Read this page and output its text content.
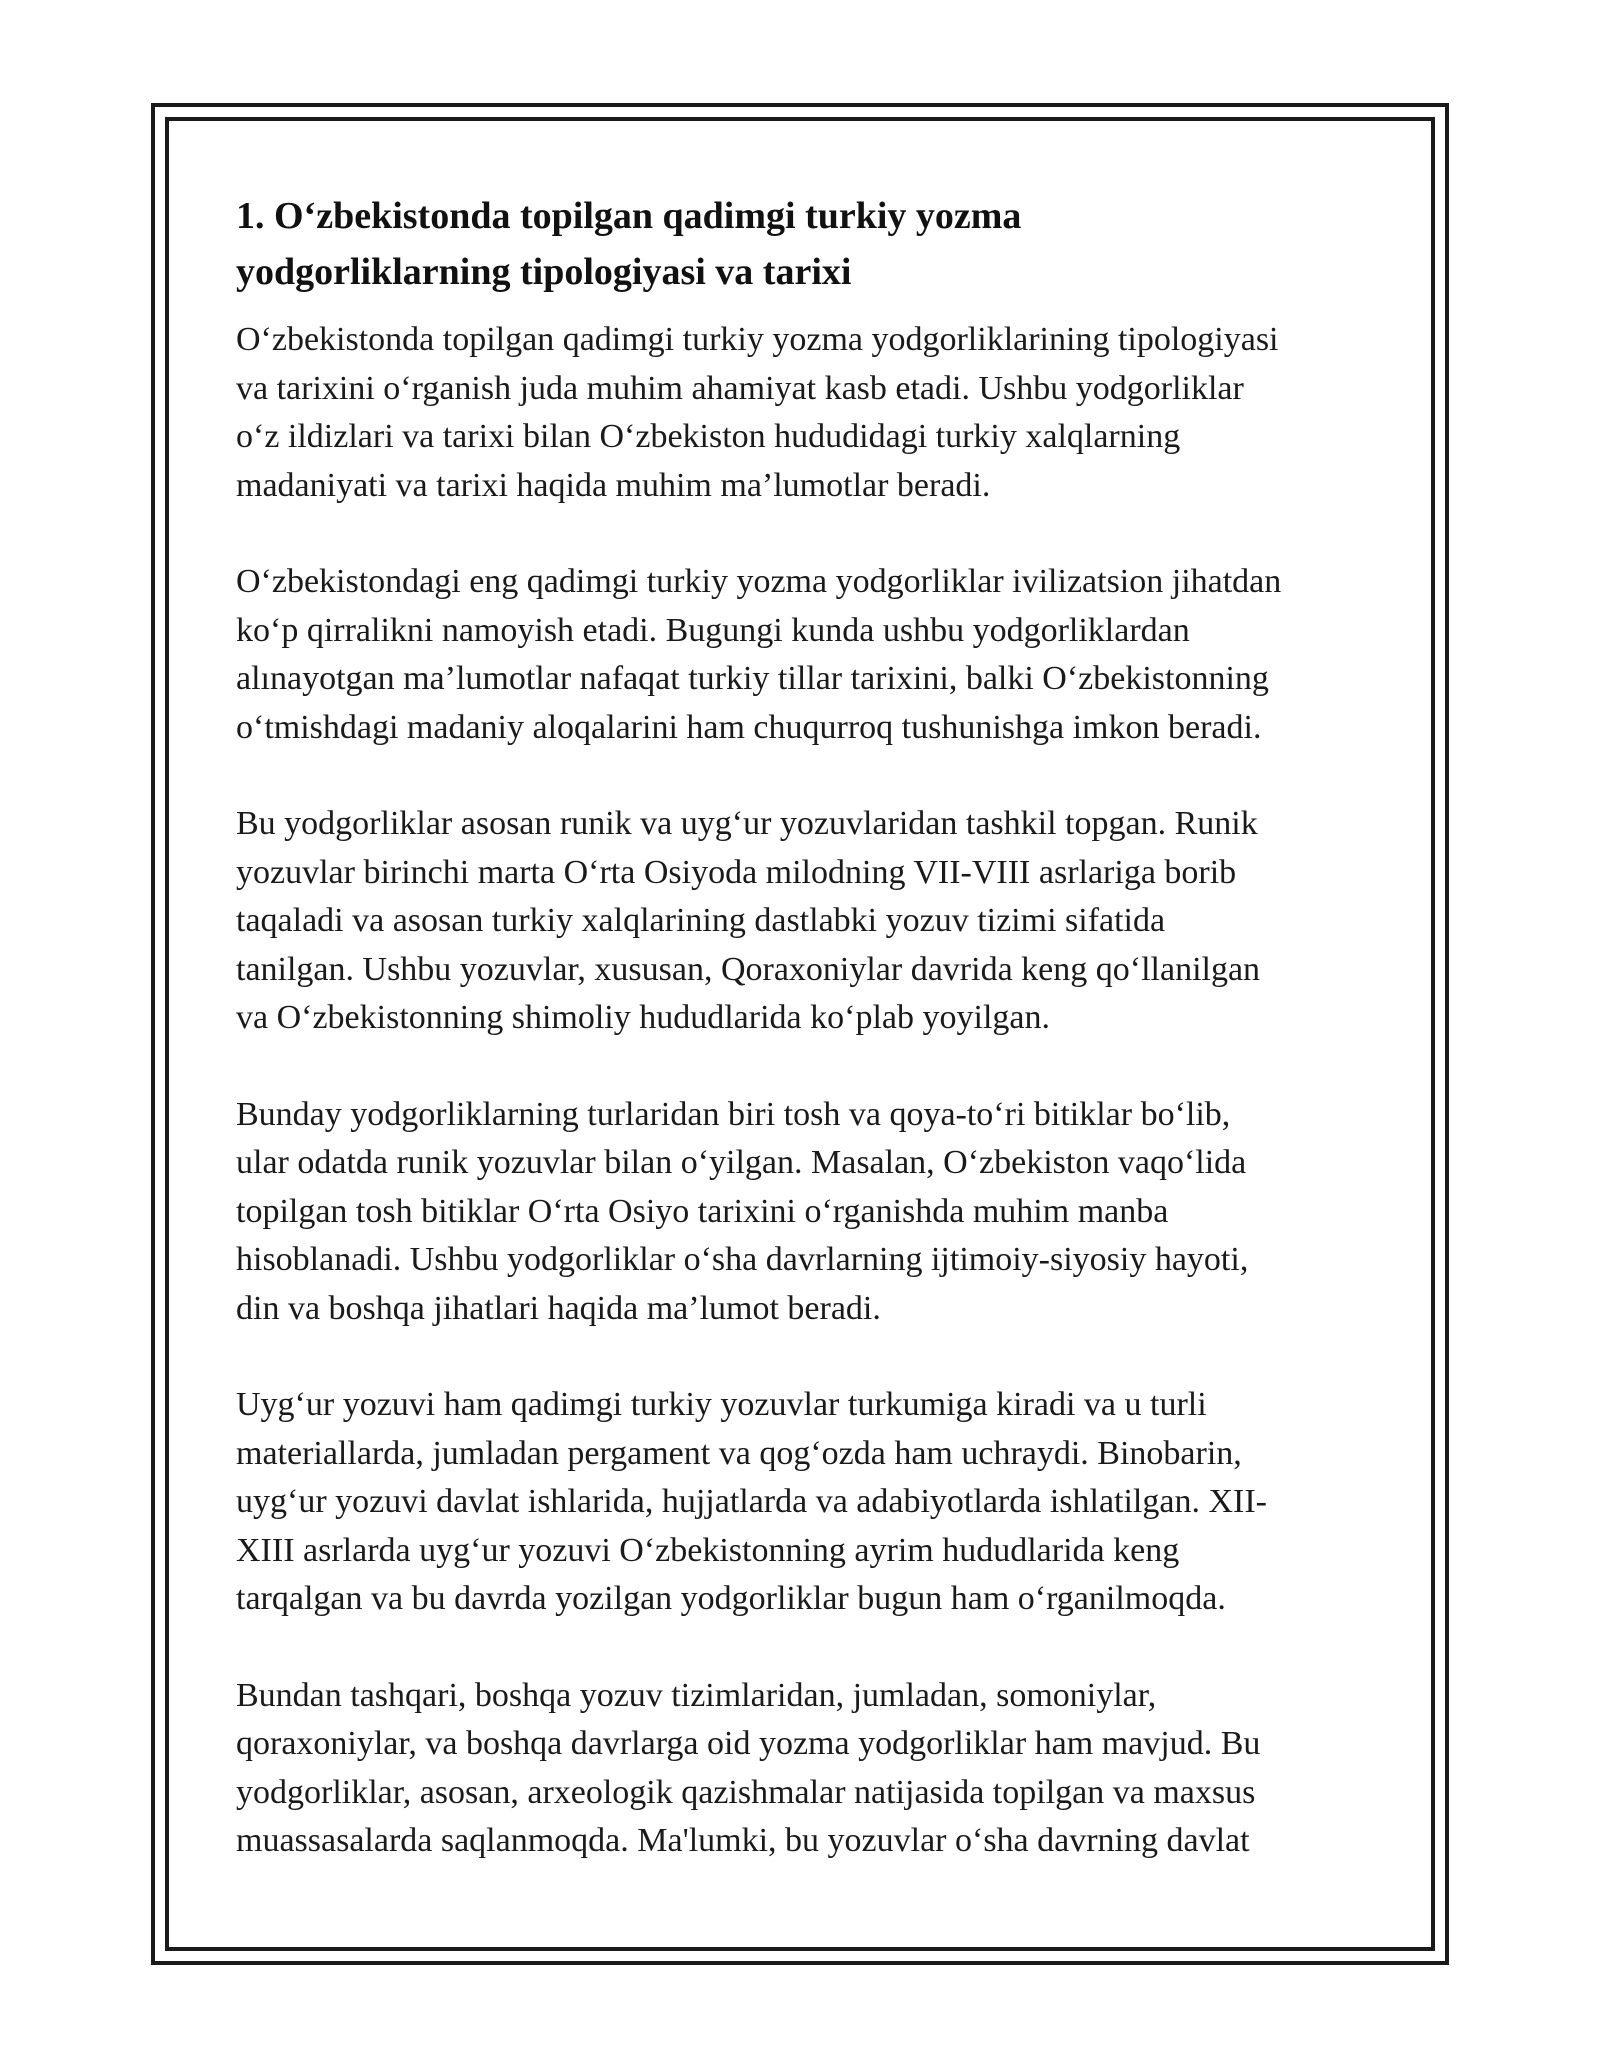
1. O‘zbekistonda topilgan qadimgi turkiy yozma
yodgorliklarning tipologiyasi va tarixi

O‘zbekistonda topilgan qadimgi turkiy yozma yodgorliklarining tipologiyasi
va tarixini o‘rganish juda muhim ahamiyat kasb etadi. Ushbu yodgorliklar
o‘z ildizlari va tarixi bilan O‘zbekiston hududidagi turkiy xalqlarning
madaniyati va tarixi haqida muhim ma’lumotlar beradi.

O‘zbekistondagi eng qadimgi turkiy yozma yodgorliklar ivilizatsion jihatdan
ko‘p qirralikni namoyish etadi. Bugungi kunda ushbu yodgorliklardan
alınayotgan ma’lumotlar nafaqat turkiy tillar tarixini, balki O‘zbekistonning
o‘tmishdagi madaniy aloqalarini ham chuqurroq tushunishga imkon beradi.

Bu yodgorliklar asosan runik va uyg‘ur yozuvlaridan tashkil topgan. Runik
yozuvlar birinchi marta O‘rta Osiyoda milodning VII-VIII asrlariga borib
taqaladi va asosan turkiy xalqlarining dastlabki yozuv tizimi sifatida
tanilgan. Ushbu yozuvlar, xususan, Qoraxoniylar davrida keng qo‘llanilgan
va O‘zbekistonning shimoliy hududlarida ko‘plab yoyilgan.

Bunday yodgorliklarning turlaridan biri tosh va qoya-to‘ri bitiklar bo‘lib,
ular odatda runik yozuvlar bilan o‘yilgan. Masalan, O‘zbekiston vaqo‘lida
topilgan tosh bitiklar O‘rta Osiyo tarixini o‘rganishda muhim manba
hisoblanadi. Ushbu yodgorliklar o‘sha davrlarning ijtimoiy-siyosiy hayoti,
din va boshqa jihatlari haqida ma’lumot beradi.

Uyg‘ur yozuvi ham qadimgi turkiy yozuvlar turkumiga kiradi va u turli
materiallarda, jumladan pergament va qog‘ozda ham uchraydi. Binobarin,
uyg‘ur yozuvi davlat ishlarida, hujjatlarda va adabiyotlarda ishlatilgan. XII-
XIII asrlarda uyg‘ur yozuvi O‘zbekistonning ayrim hududlarida keng
tarqalgan va bu davrda yozilgan yodgorliklar bugun ham o‘rganilmoqda.

Bundan tashqari, boshqa yozuv tizimlaridan, jumladan, somoniylar,
qoraxoniylar, va boshqa davrlarga oid yozma yodgorliklar ham mavjud. Bu
yodgorliklar, asosan, arxeologik qazishmalar natijasida topilgan va maxsus
muassasalarda saqlanmoqda. Ma'lumki, bu yozuvlar o‘sha davrning davlat
